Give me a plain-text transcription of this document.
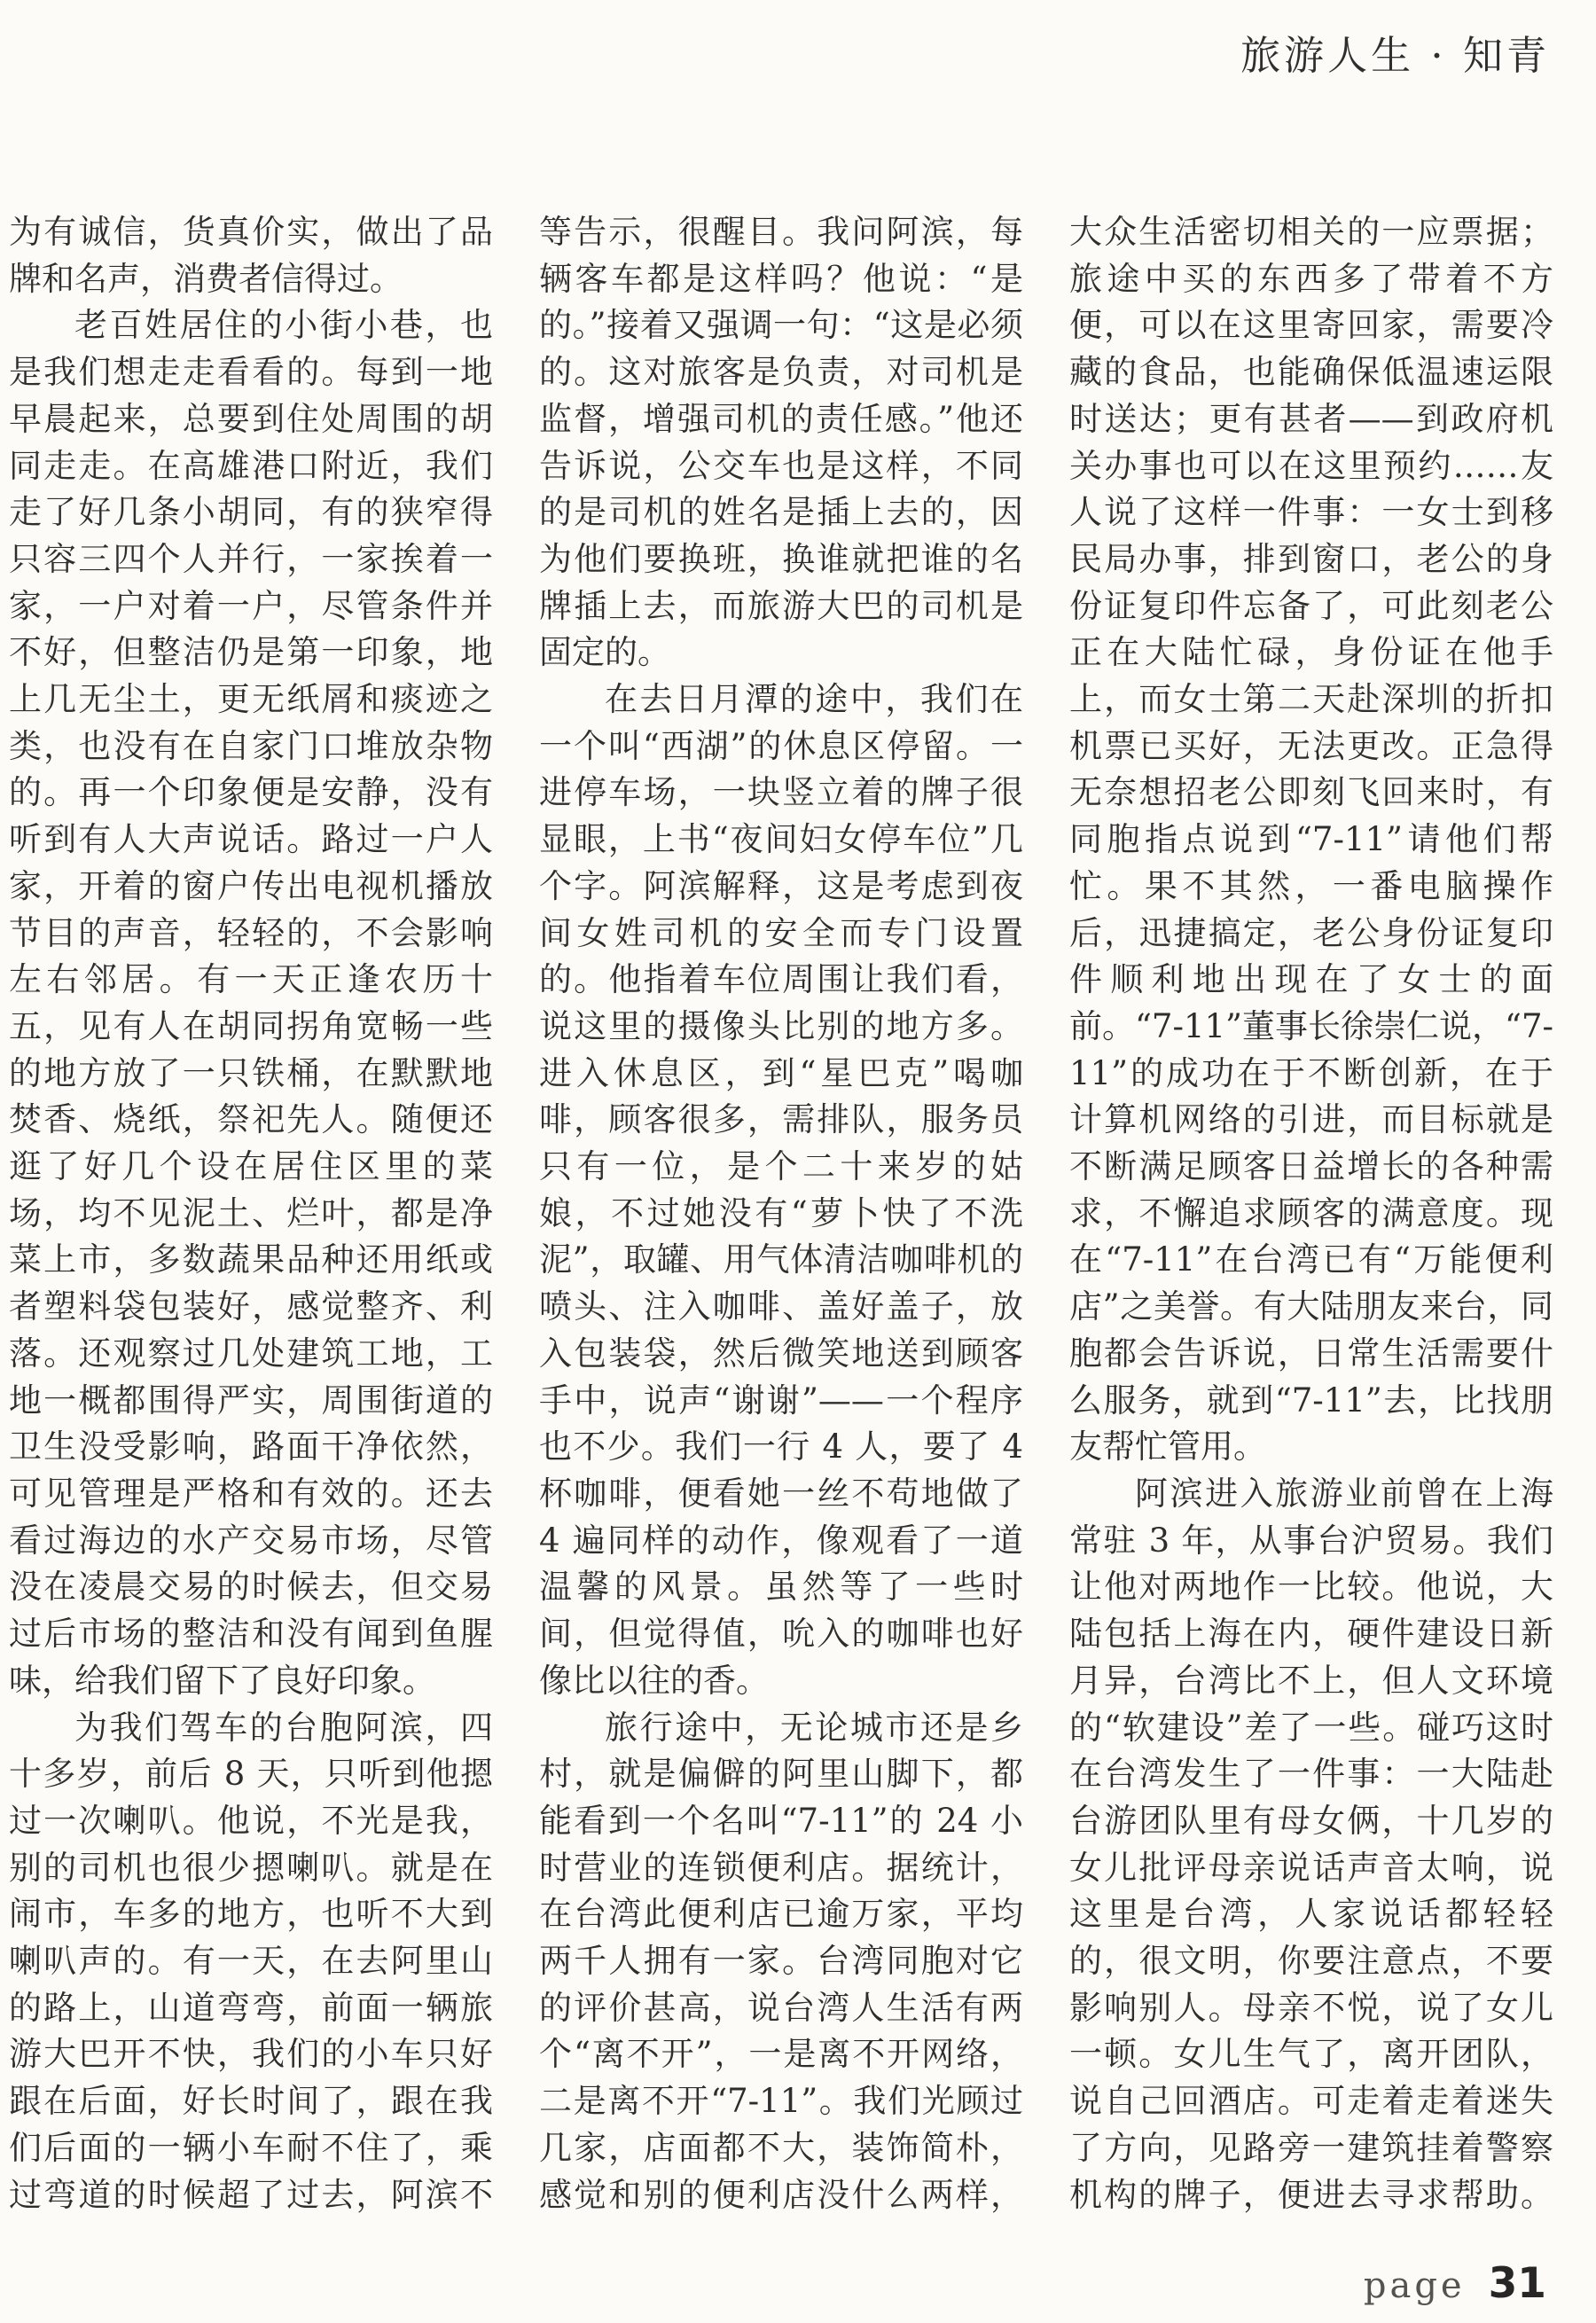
旅游人生 · 知青

为有诚信，货真价实，做出了品牌和名声，消费者信得过。

老百姓居住的小街小巷，也是我们想走走看看的。每到一地早晨起来，总要到住处周围的胡同走走。在高雄港口附近，我们走了好几条小胡同，有的狭窄得只容三四个人并行，一家挨着一家，一户对着一户，尽管条件并不好，但整洁仍是第一印象，地上几无尘土，更无纸屑和痰迹之类，也没有在自家门口堆放杂物的。再一个印象便是安静，没有听到有人大声说话。路过一户人家，开着的窗户传出电视机播放节目的声音，轻轻的，不会影响左右邻居。有一天正逢农历十五，见有人在胡同拐角宽畅一些的地方放了一只铁桶，在默默地焚香、烧纸，祭祀先人。随便还逛了好几个设在居住区里的菜场，均不见泥土、烂叶，都是净菜上市，多数蔬果品种还用纸或者塑料袋包装好，感觉整齐、利落。还观察过几处建筑工地，工地一概都围得严实，周围街道的卫生没受影响，路面干净依然，可见管理是严格和有效的。还去看过海边的水产交易市场，尽管没在凌晨交易的时候去，但交易过后市场的整洁和没有闻到鱼腥味，给我们留下了良好印象。

为我们驾车的台胞阿滨，四十多岁，前后 8 天，只听到他摁过一次喇叭。他说，不光是我，别的司机也很少摁喇叭。就是在闹市，车多的地方，也听不大到喇叭声的。有一天，在去阿里山的路上，山道弯弯，前面一辆旅游大巴开不快，我们的小车只好跟在后面，好长时间了，跟在我们后面的一辆小车耐不住了，乘过弯道的时候超了过去，阿滨不

等告示，很醒目。我问阿滨，每辆客车都是这样吗？他说：“是的。”接着又强调一句：“这是必须的。这对旅客是负责，对司机是监督，增强司机的责任感。”他还告诉说，公交车也是这样，不同的是司机的姓名是插上去的，因为他们要换班，换谁就把谁的名牌插上去，而旅游大巴的司机是固定的。

在去日月潭的途中，我们在一个叫“西湖”的休息区停留。一进停车场，一块竖立着的牌子很显眼，上书“夜间妇女停车位”几个字。阿滨解释，这是考虑到夜间女姓司机的安全而专门设置的。他指着车位周围让我们看，说这里的摄像头比别的地方多。进入休息区，到“星巴克”喝咖啡，顾客很多，需排队，服务员只有一位，是个二十来岁的姑娘，不过她没有“萝卜快了不洗泥”，取罐、用气体清洁咖啡机的喷头、注入咖啡、盖好盖子，放入包装袋，然后微笑地送到顾客手中，说声“谢谢”——一个程序也不少。我们一行 4 人，要了 4 杯咖啡，便看她一丝不苟地做了 4 遍同样的动作，像观看了一道温馨的风景。虽然等了一些时间，但觉得值，吮入的咖啡也好像比以往的香。

旅行途中，无论城市还是乡村，就是偏僻的阿里山脚下，都能看到一个名叫“7-11”的 24 小时营业的连锁便利店。据统计，在台湾此便利店已逾万家，平均两千人拥有一家。台湾同胞对它的评价甚高，说台湾人生活有两个“离不开”，一是离不开网络，二是离不开“7-11”。我们光顾过几家，店面都不大，装饰简朴，感觉和别的便利店没什么两样，

大众生活密切相关的一应票据；旅途中买的东西多了带着不方便，可以在这里寄回家，需要冷藏的食品，也能确保低温速运限时送达；更有甚者——到政府机关办事也可以在这里预约……友人说了这样一件事：一女士到移民局办事，排到窗口，老公的身份证复印件忘备了，可此刻老公正在大陆忙碌，身份证在他手上，而女士第二天赴深圳的折扣机票已买好，无法更改。正急得无奈想招老公即刻飞回来时，有同胞指点说到“7-11”请他们帮忙。果不其然，一番电脑操作后，迅捷搞定，老公身份证复印件顺利地出现在了女士的面前。“7-11”董事长徐崇仁说，“7-11”的成功在于不断创新，在于计算机网络的引进，而目标就是不断满足顾客日益增长的各种需求，不懈追求顾客的满意度。现在“7-11”在台湾已有“万能便利店”之美誉。有大陆朋友来台，同胞都会告诉说，日常生活需要什么服务，就到“7-11”去，比找朋友帮忙管用。

阿滨进入旅游业前曾在上海常驻 3 年，从事台沪贸易。我们让他对两地作一比较。他说，大陆包括上海在内，硬件建设日新月异，台湾比不上，但人文环境的“软建设”差了一些。碰巧这时在台湾发生了一件事：一大陆赴台游团队里有母女俩，十几岁的女儿批评母亲说话声音太响，说这里是台湾，人家说话都轻轻的，很文明，你要注意点，不要影响别人。母亲不悦，说了女儿一顿。女儿生气了，离开团队，说自己回酒店。可走着走着迷失了方向，见路旁一建筑挂着警察机构的牌子，便进去寻求帮助。

page 31
